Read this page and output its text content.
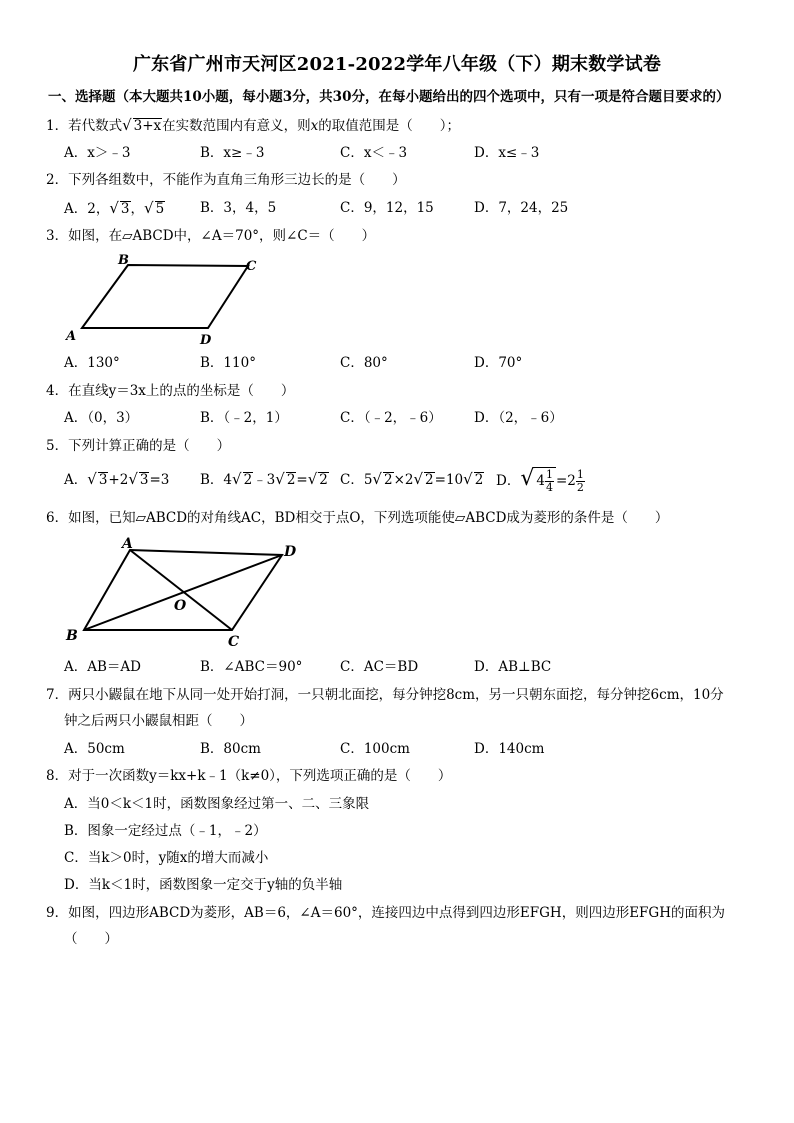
广东省广州市天河区2021-2022学年八年级（下）期末数学试卷
一、选择题（本大题共10小题，每小题3分，共30分，在每小题给出的四个选项中，只有一项是符合题目要求的）
1．若代数式√ 3+x在实数范围内有意义，则x的取值范围是（　　）；
A．x＞﹣3	B．x≥﹣3	C．x＜﹣3	D．x≤﹣3
2．下列各组数中，不能作为直角三角形三边长的是（　　）
A．2，√ 3，√ 5	B．3，4，5	C．9，12，15	D．7，24，25
3．如图，在▱ABCD中，∠A＝70°，则∠C＝（　　）
B	C
A	D
A．130°	B．110°	C．80°	D．70°
4．在直线y＝3x上的点的坐标是（　　）
A．（0，3）	B．（﹣2，1）	C．（﹣2，﹣6） D．（2，﹣6）
5．下列计算正确的是（　　）
A．√ 3+2√ 3=3 B．4√ 2﹣3√ 2=√ 2 C．5√ 2×2√ 2=10√ 2 D．√ $4 \frac{1}{4} =2 \frac{1}{2}$
6．如图，已知▱ABCD的对角线AC，BD相交于点O，下列选项能使▱ABCD成为菱形的条件是（　　）
A	D
B	C
O
A．AB＝AD	B．∠ABC＝90°	C．AC＝BD	D．AB⊥BC
7．两只小鼹鼠在地下从同一处开始打洞，一只朝北面挖，每分钟挖8cm，另一只朝东面挖，每分钟挖6cm，10分
钟之后两只小鼹鼠相距（　　）
A．50cm	B．80cm	C．100cm	D．140cm
8．对于一次函数y＝kx+k﹣1（k≠0），下列选项正确的是（　　）
A．当0＜k＜1时，函数图象经过第一、二、三象限
B．图象一定经过点（﹣1，﹣2）
C．当k＞0时，y随x的增大而减小
D．当k＜1时，函数图象一定交于y轴的负半轴
9．如图，四边形ABCD为菱形，AB＝6，∠A＝60°，连接四边中点得到四边形EFGH，则四边形EFGH的面积为
（　　）
